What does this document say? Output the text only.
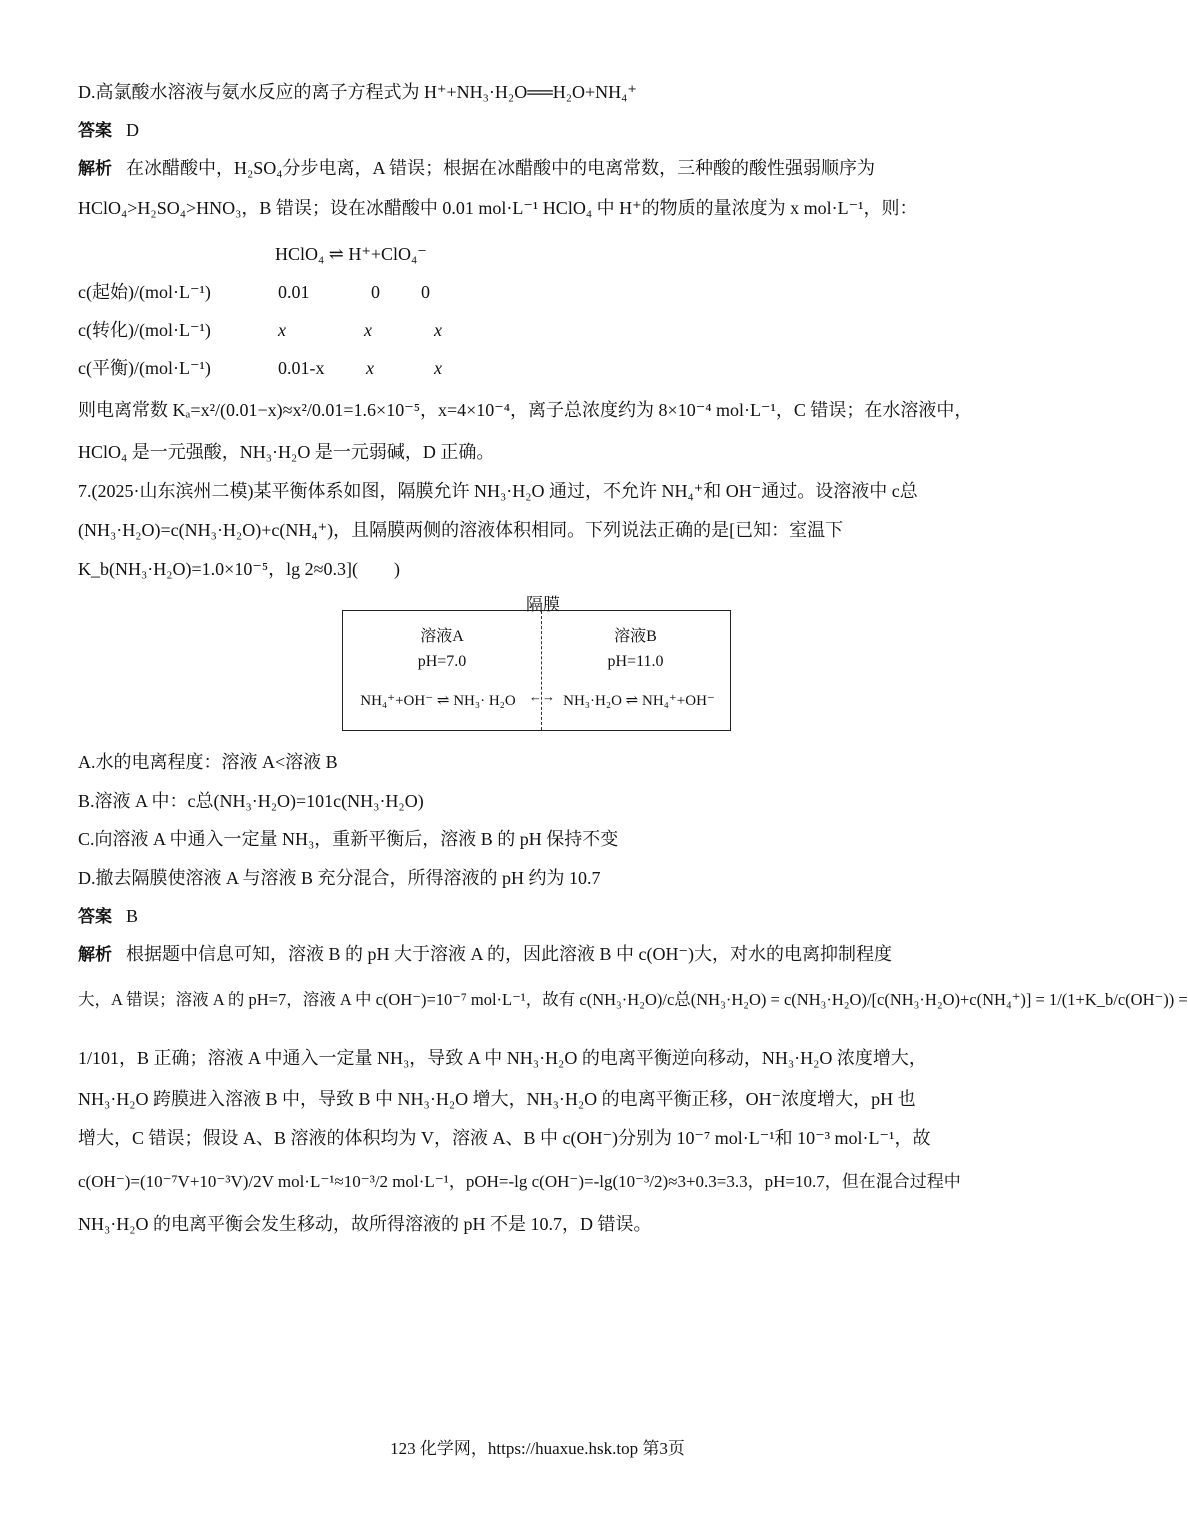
D.高氯酸水溶液与氨水反应的离子方程式为 H⁺+NH₃·H₂O══H₂O+NH₄⁺
答案 D
解析 在冰醋酸中，H₂SO₄分步电离，A 错误；根据在冰醋酸中的电离常数，三种酸的酸性强弱顺序为
HClO₄>H₂SO₄>HNO₃，B 错误；设在冰醋酸中 0.01 mol·L⁻¹ HClO₄ 中 H⁺的物质的量浓度为 x mol·L⁻¹，则：
HClO₄ ⇌ H⁺+ClO₄⁻
c(起始)/(mol·L⁻¹)	0.01	0 0
c(转化)/(mol·L⁻¹)	x	x	x
c(平衡)/(mol·L⁻¹)	0.01-x x	x
则电离常数 Kₐ=x²/(0.01−x)≈x²/0.01=1.6×10⁻⁵，x=4×10⁻⁴，离子总浓度约为 8×10⁻⁴ mol·L⁻¹，C 错误；在水溶液中，
HClO₄ 是一元强酸，NH₃·H₂O 是一元弱碱，D 正确。
7.(2025·山东滨州二模)某平衡体系如图，隔膜允许 NH₃·H₂O 通过，不允许 NH₄⁺和 OH⁻通过。设溶液中 c总
(NH₃·H₂O)=c(NH₃·H₂O)+c(NH₄⁺)，且隔膜两侧的溶液体积相同。下列说法正确的是[已知：室温下
K_b(NH₃·H₂O)=1.0×10⁻⁵，lg 2≈0.3](　　)
隔膜
溶液A
pH=7.0
NH₄⁺+OH⁻ ⇌ NH₃· H₂O	←→
溶液B
pH=11.0
NH₃·H₂O ⇌ NH₄⁺+OH⁻
A.水的电离程度：溶液 A<溶液 B
B.溶液 A 中：c总(NH₃·H₂O)=101c(NH₃·H₂O)
C.向溶液 A 中通入一定量 NH₃，重新平衡后，溶液 B 的 pH 保持不变
D.撤去隔膜使溶液 A 与溶液 B 充分混合，所得溶液的 pH 约为 10.7
答案 B
解析 根据题中信息可知，溶液 B 的 pH 大于溶液 A 的，因此溶液 B 中 c(OH⁻)大，对水的电离抑制程度
大，A 错误；溶液 A 的 pH=7，溶液 A 中 c(OH⁻)=10⁻⁷ mol·L⁻¹，故有 c(NH₃·H₂O)/c总(NH₃·H₂O) = c(NH₃·H₂O)/[c(NH₃·H₂O)+c(NH₄⁺)] = 1/(1+K_b/c(OH⁻)) =
1/101，B 正确；溶液 A 中通入一定量 NH₃，导致 A 中 NH₃·H₂O 的电离平衡逆向移动，NH₃·H₂O 浓度增大，
NH₃·H₂O 跨膜进入溶液 B 中，导致 B 中 NH₃·H₂O 增大，NH₃·H₂O 的电离平衡正移，OH⁻浓度增大，pH 也
增大，C 错误；假设 A、B 溶液的体积均为 V，溶液 A、B 中 c(OH⁻)分别为 10⁻⁷ mol·L⁻¹和 10⁻³ mol·L⁻¹，故
c(OH⁻)=(10⁻⁷V+10⁻³V)/2V mol·L⁻¹≈10⁻³/2 mol·L⁻¹，pOH=-lg c(OH⁻)=-lg(10⁻³/2)≈3+0.3=3.3，pH=10.7，但在混合过程中
NH₃·H₂O 的电离平衡会发生移动，故所得溶液的 pH 不是 10.7，D 错误。
123 化学网，https://huaxue.hsk.top 第3页
